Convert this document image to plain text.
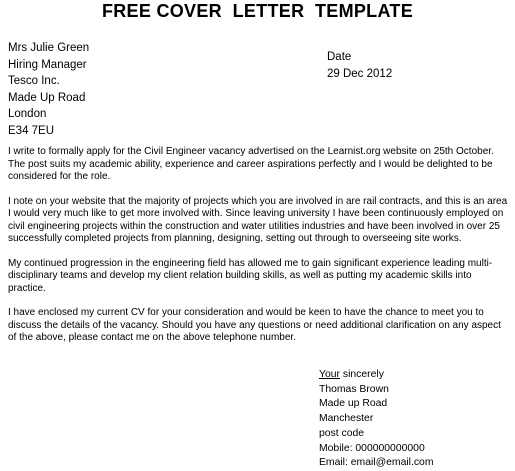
FREE COVER  LETTER  TEMPLATE
Mrs Julie Green
Hiring Manager
Tesco Inc.
Made Up Road
London
E34 7EU
Date
29 Dec 2012

I write to formally apply for the Civil Engineer vacancy advertised on the Learnist.org website on 25th October. The post suits my academic ability, experience and career aspirations perfectly and I would be delighted to be considered for the role.

I note on your website that the majority of projects which you are involved in are rail contracts, and this is an area I would very much like to get more involved with. Since leaving university I have been continuously employed on civil engineering projects within the construction and water utilities industries and have been involved in over 25 successfully completed projects from planning, designing, setting out through to overseeing site works.

My continued progression in the engineering field has allowed me to gain significant experience leading multi-disciplinary teams and develop my client relation building skills, as well as putting my academic skills into practice.

I have enclosed my current CV for your consideration and would be keen to have the chance to meet you to discuss the details of the vacancy. Should you have any questions or need additional clarification on any aspect of the above, please contact me on the above telephone number.

Your sincerely
Thomas Brown
Made up Road
Manchester
post code
Mobile: 000000000000
Email: email@email.com
